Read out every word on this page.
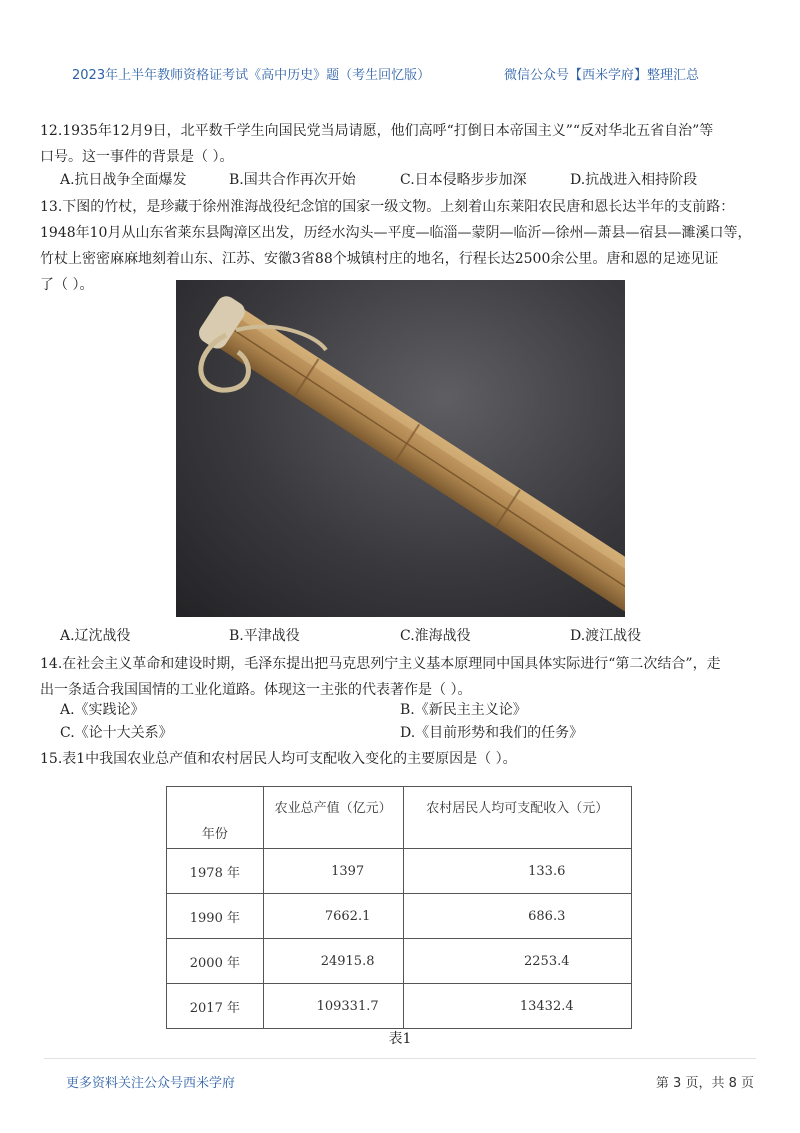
2023年上半年教师资格证考试《高中历史》题（考生回忆版）	微信公众号【西米学府】整理汇总

12.1935年12月9日，北平数千学生向国民党当局请愿，他们高呼“打倒日本帝国主义”“反对华北五省自治”等

口号。这一事件的背景是（ ）。

A.抗日战争全面爆发	B.国共合作再次开始	C.日本侵略步步加深	D.抗战进入相持阶段

13.下图的竹杖，是珍藏于徐州淮海战役纪念馆的国家一级文物。上刻着山东莱阳农民唐和恩长达半年的支前路：

1948年10月从山东省莱东县陶漳区出发，历经水沟头—平度—临淄—蒙阴—临沂—徐州—萧县—宿县—濉溪口等，

竹杖上密密麻麻地刻着山东、江苏、安徽3省88个城镇村庄的地名，行程长达2500余公里。唐和恩的足迹见证

了（ ）。

A.辽沈战役	B.平津战役	C.淮海战役	D.渡江战役

14.在社会主义革命和建设时期，毛泽东提出把马克思列宁主义基本原理同中国具体实际进行“第二次结合”，走

出一条适合我国国情的工业化道路。体现这一主张的代表著作是（ ）。

A.《实践论》	B.《新民主主义论》
C.《论十大关系》	D.《目前形势和我们的任务》

15.表1中我国农业总产值和农村居民人均可支配收入变化的主要原因是（ ）。

年份	农业总产值（亿元）	农村居民人均可支配收入（元）
1978 年	1397	133.6
1990 年	7662.1	686.3
2000 年	24915.8	2253.4
2017 年	109331.7	13432.4
表1
更多资料关注公众号西米学府	第 3 页，共 8 页
